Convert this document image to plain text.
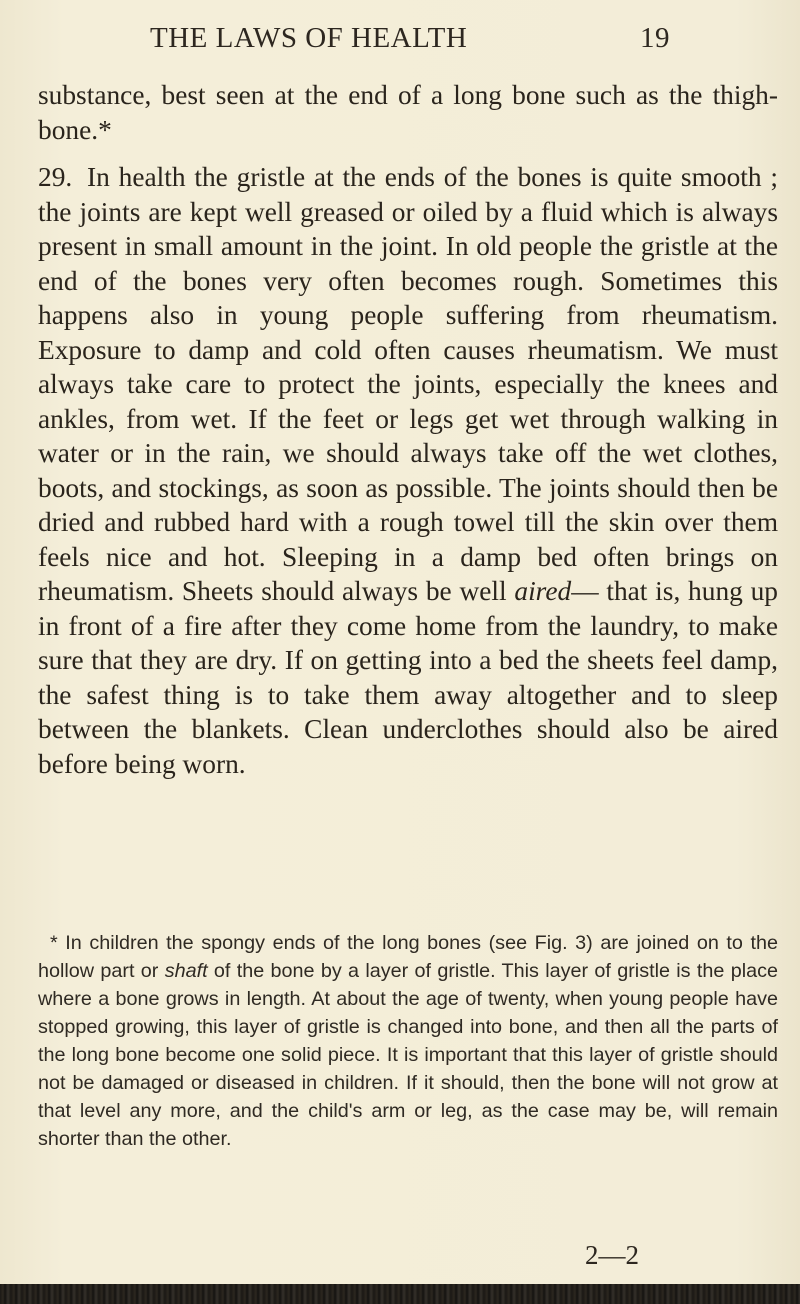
THE LAWS OF HEALTH	19

substance, best seen at the end of a long bone such as the thigh-bone.*

29. In health the gristle at the ends of the bones is quite smooth ; the joints are kept well greased or oiled by a fluid which is always present in small amount in the joint. In old people the gristle at the end of the bones very often becomes rough. Sometimes this happens also in young people suffering from rheumatism. Exposure to damp and cold often causes rheumatism. We must always take care to protect the joints, especially the knees and ankles, from wet. If the feet or legs get wet through walking in water or in the rain, we should always take off the wet clothes, boots, and stockings, as soon as possible. The joints should then be dried and rubbed hard with a rough towel till the skin over them feels nice and hot. Sleeping in a damp bed often brings on rheumatism. Sheets should always be well aired— that is, hung up in front of a fire after they come home from the laundry, to make sure that they are dry. If on getting into a bed the sheets feel damp, the safest thing is to take them away altogether and to sleep between the blankets. Clean underclothes should also be aired before being worn.

* In children the spongy ends of the long bones (see Fig. 3) are joined on to the hollow part or shaft of the bone by a layer of gristle. This layer of gristle is the place where a bone grows in length. At about the age of twenty, when young people have stopped growing, this layer of gristle is changed into bone, and then all the parts of the long bone become one solid piece. It is important that this layer of gristle should not be damaged or diseased in children. If it should, then the bone will not grow at that level any more, and the child's arm or leg, as the case may be, will remain shorter than the other.

2—2
